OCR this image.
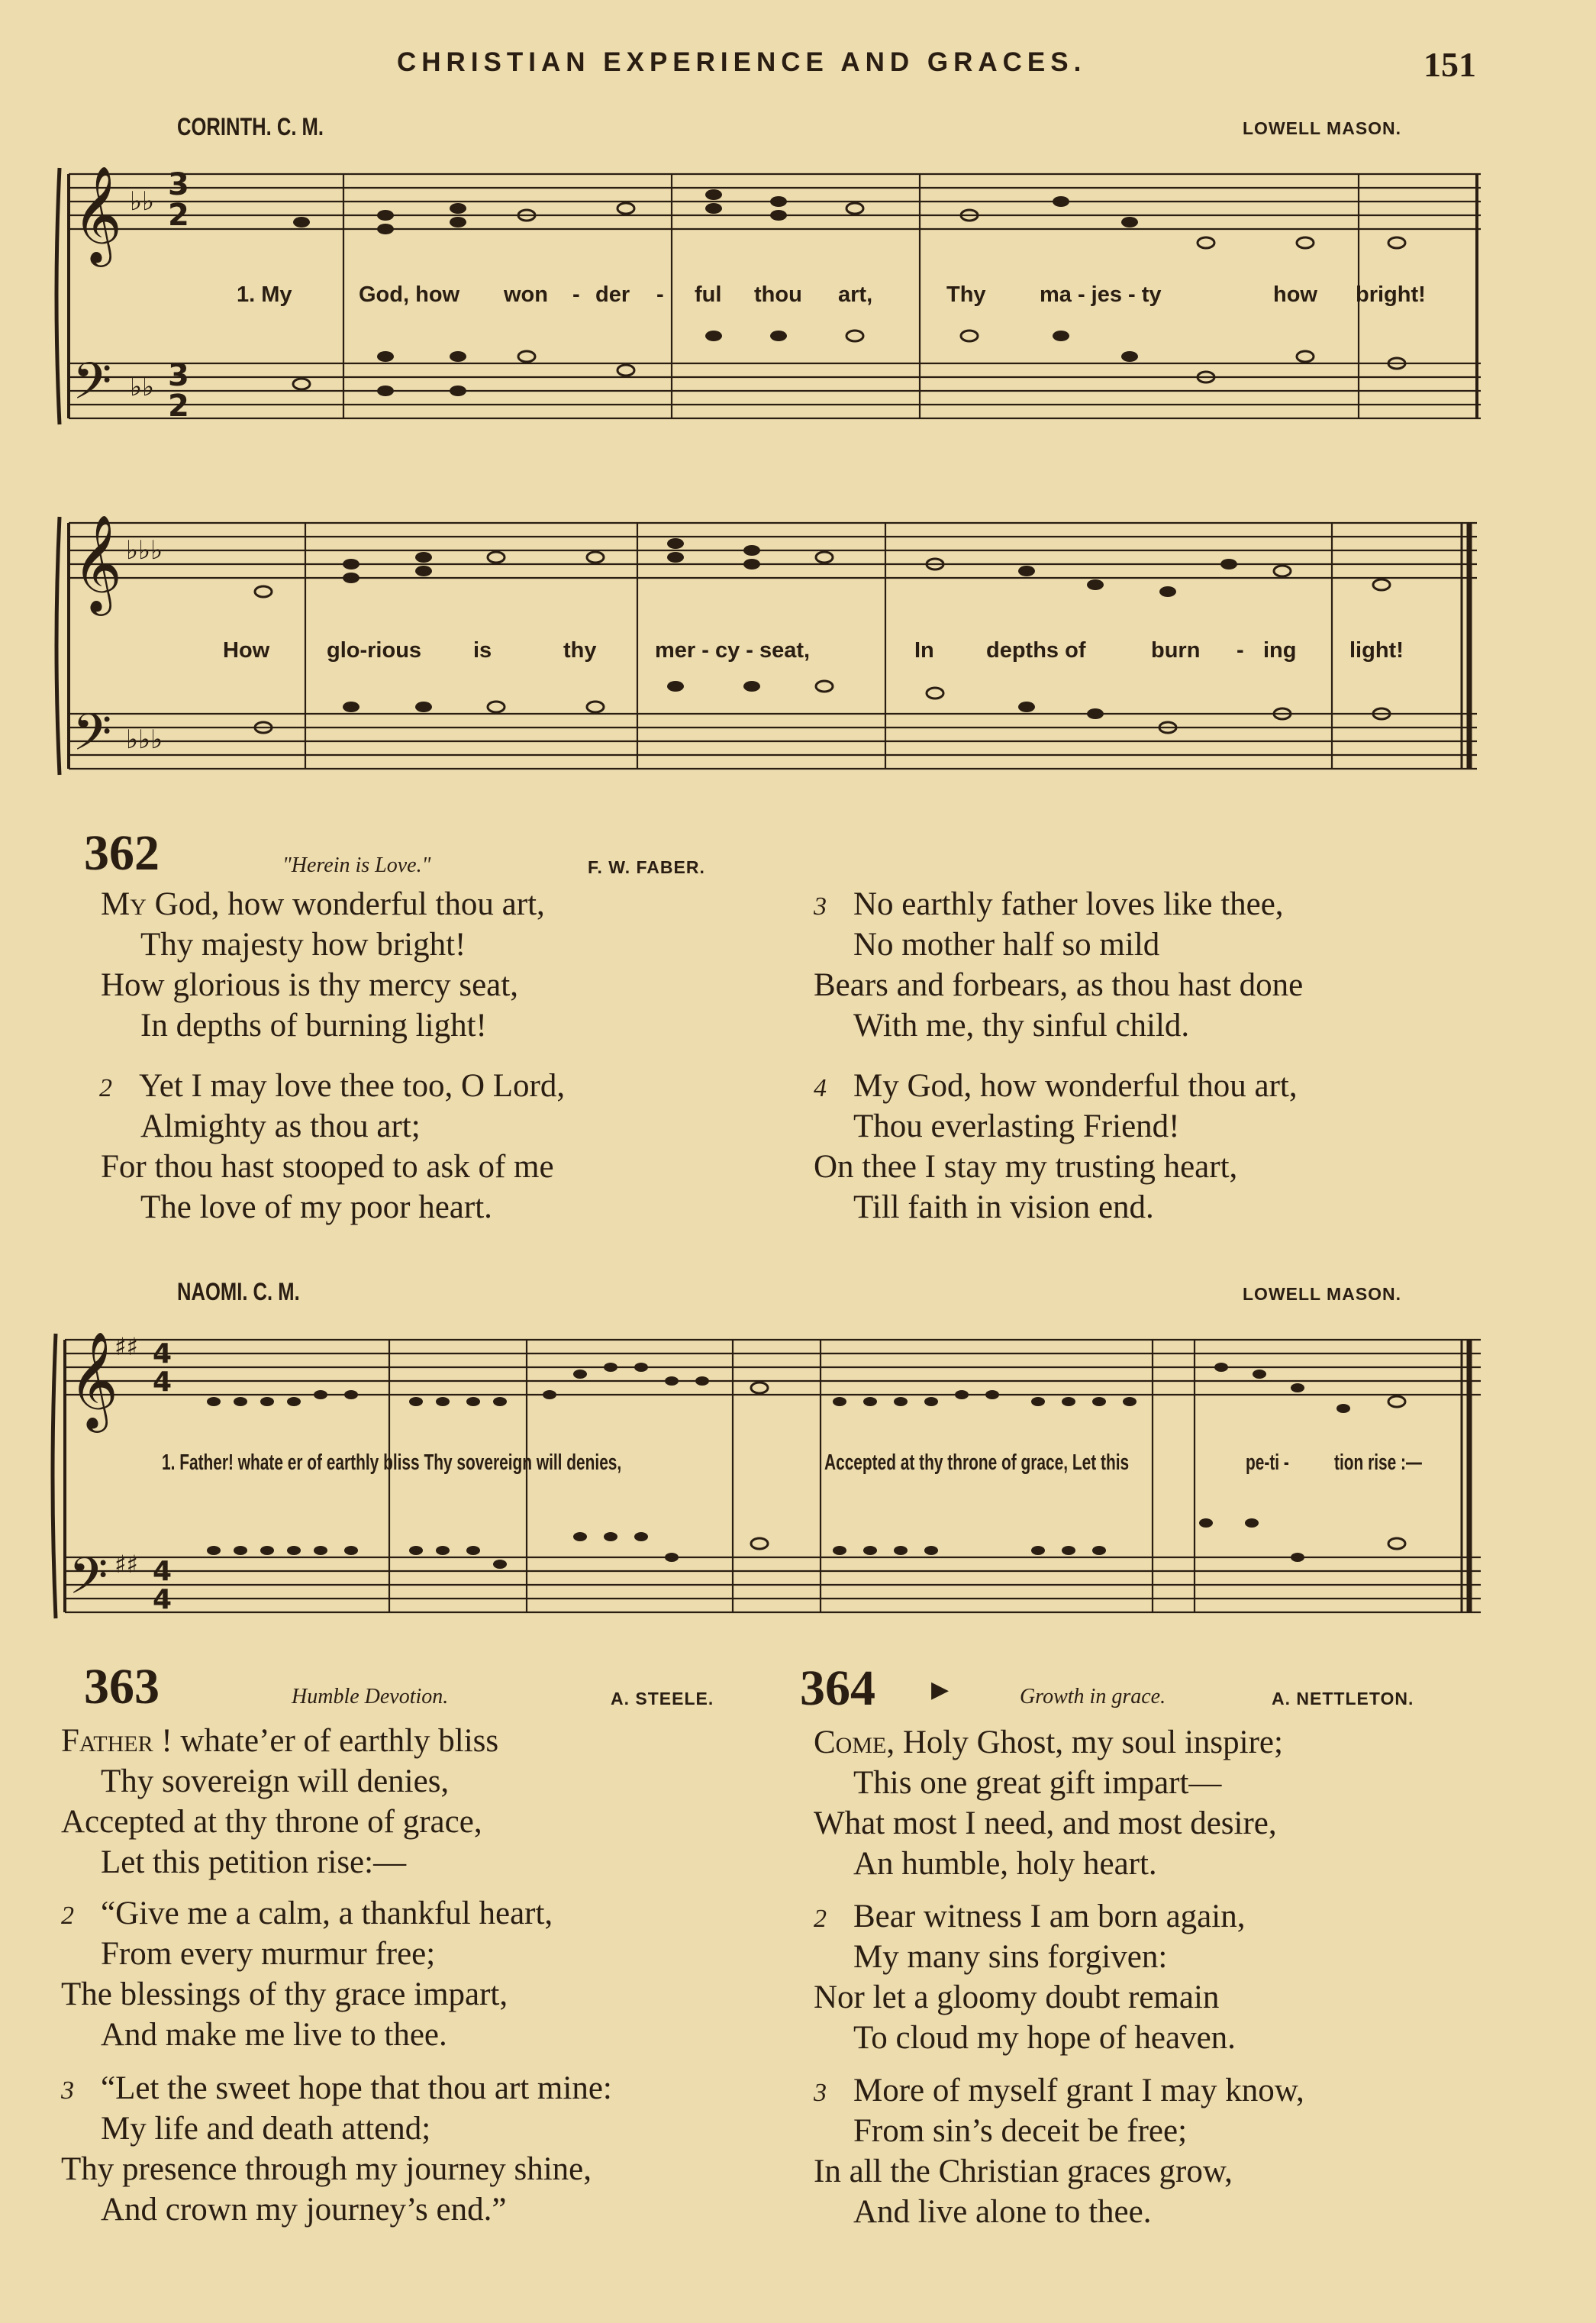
CHRISTIAN EXPERIENCE AND GRACES.	151
CORINTH. C. M.	LOWELL MASON.
𝄞
𝄢
♭♭
♭♭
3
2
3
2
𝄞
𝄢
♭♭♭
♭♭♭
𝄞
𝄢
♯♯
♯♯
4
4
4
4
1. My	God, how won - der - ful thou art,	Thy ma - jes - ty	how bright!
How	glo-rious is	thy	mer - cy - seat,	In depths of	burn - ing light!
362	"Herein is Love."	F. W. FABER.
My God, how wonderful thou art,
Thy majesty how bright!
How glorious is thy mercy seat,
In depths of burning light!
2 Yet I may love thee too, O Lord,
Almighty as thou art;
For thou hast stooped to ask of me
The love of my poor heart.
3 No earthly father loves like thee,
No mother half so mild
Bears and forbears, as thou hast done
With me, thy sinful child.
4 My God, how wonderful thou art,
Thou everlasting Friend!
On thee I stay my trusting heart,
Till faith in vision end.
NAOMI. C. M.	LOWELL MASON.
1. Father! whate er of earthly bliss Thy sovereign will denies,	Accepted at thy throne of grace, Let this	pe-ti - tion rise :—
363	Humble Devotion.	A. STEELE.
Father ! whate’er of earthly bliss
Thy sovereign will denies,
Accepted at thy throne of grace,
Let this petition rise:—
2 “Give me a calm, a thankful heart,
From every murmur free;
The blessings of thy grace impart,
And make me live to thee.
3 “Let the sweet hope that thou art mine:
My life and death attend;
Thy presence through my journey shine,
And crown my journey’s end.”
364 ▶	Growth in grace.	A. NETTLETON.
Come, Holy Ghost, my soul inspire;
This one great gift impart—
What most I need, and most desire,
An humble, holy heart.
2 Bear witness I am born again,
My many sins forgiven:
Nor let a gloomy doubt remain
To cloud my hope of heaven.
3 More of myself grant I may know,
From sin’s deceit be free;
In all the Christian graces grow,
And live alone to thee.
